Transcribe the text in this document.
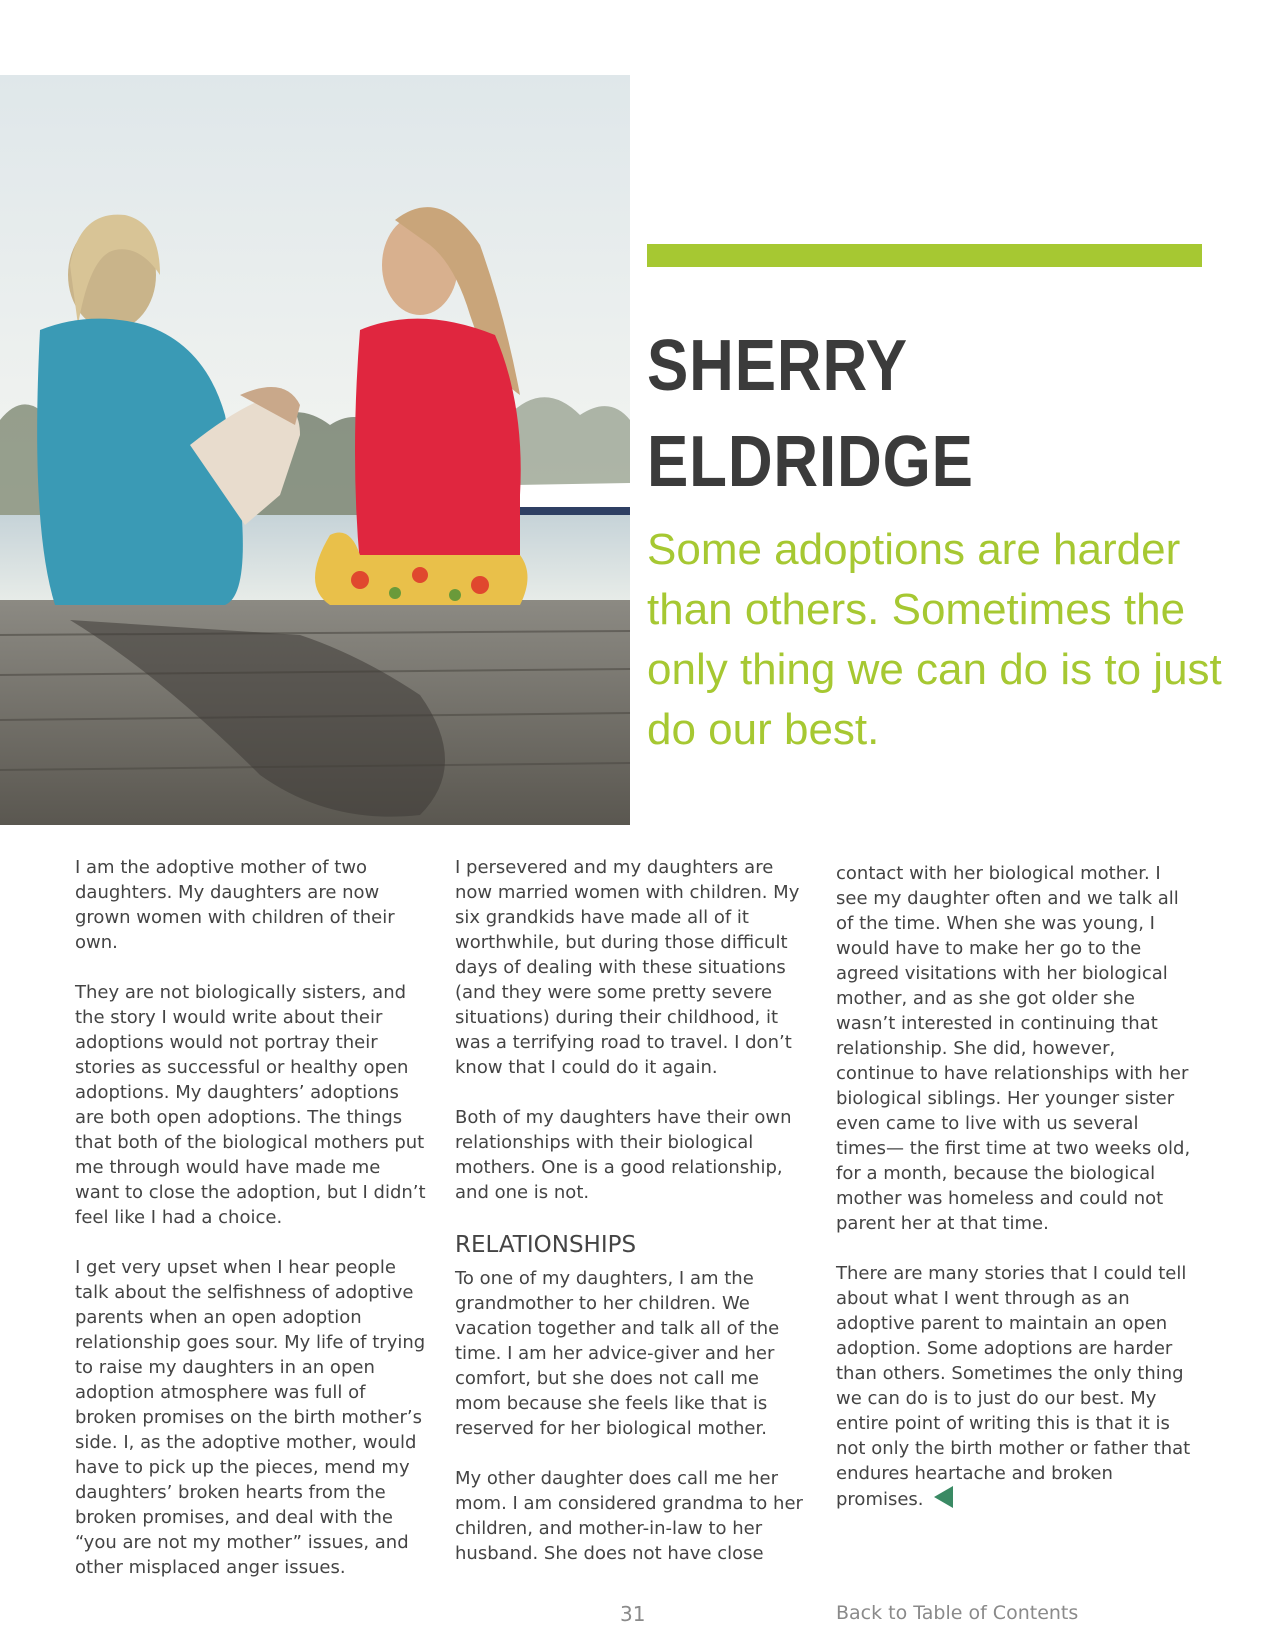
SHERRY
ELDRIDGE
Some adoptions are harder than others. Sometimes the only thing we can do is to just do our best.

I am the adoptive mother of two daughters. My daughters are now grown women with children of their own.

They are not biologically sisters, and the story I would write about their adoptions would not portray their stories as successful or healthy open adoptions. My daughters’ adoptions are both open adoptions. The things that both of the biological mothers put me through would have made me want to close the adoption, but I didn’t feel like I had a choice.

I get very upset when I hear people talk about the selfishness of adoptive parents when an open adoption relationship goes sour. My life of trying to raise my daughters in an open adoption atmosphere was full of broken promises on the birth mother’s side. I, as the adoptive mother, would have to pick up the pieces, mend my daughters’ broken hearts from the broken promises, and deal with the “you are not my mother” issues, and other misplaced anger issues.

I persevered and my daughters are now married women with children. My six grandkids have made all of it worthwhile, but during those difficult days of dealing with these situations (and they were some pretty severe situations) during their childhood, it was a terrifying road to travel. I don’t know that I could do it again.

Both of my daughters have their own relationships with their biological mothers. One is a good relationship, and one is not.

RELATIONSHIPS

To one of my daughters, I am the grandmother to her children. We vacation together and talk all of the time. I am her advice-giver and her comfort, but she does not call me mom because she feels like that is reserved for her biological mother.

My other daughter does call me her mom. I am considered grandma to her children, and mother-in-law to her husband. She does not have close

contact with her biological mother. I see my daughter often and we talk all of the time. When she was young, I would have to make her go to the agreed visitations with her biological mother, and as she got older she wasn’t interested in continuing that relationship. She did, however, continue to have relationships with her biological siblings. Her younger sister even came to live with us several times— the first time at two weeks old, for a month, because the biological mother was homeless and could not parent her at that time.

There are many stories that I could tell about what I went through as an adoptive parent to maintain an open adoption. Some adoptions are harder than others. Sometimes the only thing we can do is to just do our best. My entire point of writing this is that it is not only the birth mother or father that endures heartache and broken promises.

31	Back to Table of Contents
